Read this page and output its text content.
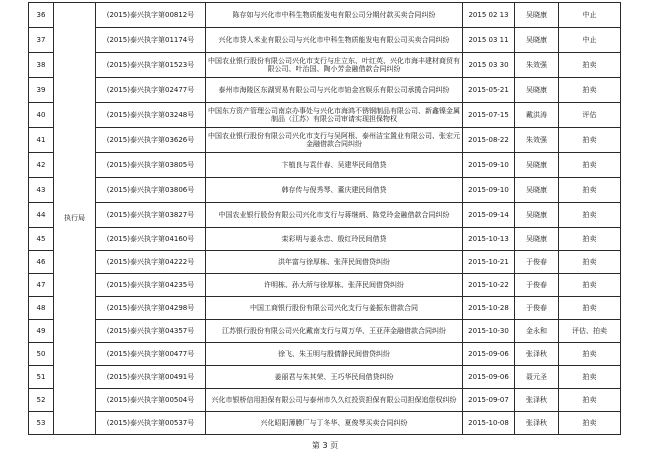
36	执行局	(2015)泰兴执字第00812号	陈存如与兴化市中科生物质能发电有限公司分期付款买卖合同纠纷	2015 02 13	吴晓康	中止
37		(2015)泰兴执字第01174号	兴化市贷人米业有限公司与兴化市中科生物质能发电有限公司买卖合同纠纷	2015 03 11	吴晓康	中止
38		(2015)泰兴执字第01523号	中国农业银行股份有限公司兴化市支行与庄立东、叶红英、兴化市海丰建材商贸有限公司、叶治国、陶小芳金融借款合同纠纷	2015 03 30	朱效强	拍卖
39		(2015)泰兴执字第02477号	泰州市海陵区东湖贸易有限公司与兴化市铂金宫娱乐有限公司承揽合同纠纷	2015-05-21	吴晓康	拍卖
40		(2015)泰兴执字第03248号	中国东方资产管理公司南京办事处与兴化市海鸿不锈钢制品有限公司、新鑫镍金属制品（江苏）有限公司审请实现担保物权	2015-07-15	戴洪涛	评估
41		(2015)泰兴执字第03626号	中国农业银行股份有限公司兴化市支行与吴阿根、泰州洁宝置业有限公司、张宏元金融借款合同纠纷	2015-08-22	朱效强	拍卖
42		(2015)泰兴执字第03805号	卞植良与袁什春、吴建华民间借贷	2015-09-10	吴晓康	拍卖
43		(2015)泰兴执字第03806号	韩存传与倪秀琴、董庆建民间借贷	2015-09-10	吴晓康	拍卖
44		(2015)泰兴执字第03827号	中国农业银行股份有限公司兴化市支行与蒋继炳、陈党玲金融借款合同纠纷	2015-09-14	吴晓康	拍卖
45		(2015)泰兴执字第04160号	栾彩明与姜永忠、殷红玲民间借贷	2015-10-13	吴晓康	拍卖
46		(2015)泰兴执字第04222号	洪年富与徐厚栋、张萍民间借贷纠纷	2015-10-21	于俊春	拍卖
47		(2015)泰兴执字第04235号	许明栋、孙大所与徐厚栋、张萍民间借贷纠纷	2015-10-22	于俊春	拍卖
48		(2015)泰兴执字第04298号	中国工商银行股份有限公司兴化支行与姜振东借款合同	2015-10-28	于俊春	拍卖
49		(2015)泰兴执字第04357号	江苏银行股份有限公司兴化戴南支行与周万华、王亚萍金融借款合同纠纷	2015-10-30	金永和	评估、拍卖
50		(2015)泰兴执字第00477号	徐飞、朱玉明与殷倩静民间借贷纠纷	2015-09-06	张泽秋	拍卖
51		(2015)泰兴执字第00491号	姜丽君与朱其荣、王巧华民间借贷纠纷	2015-09-06	聂元圣	拍卖
52		(2015)泰兴执字第00504号	兴化市银桥信用担保有限公司与泰州市久久红投资担保有限公司担保追偿权纠纷	2015-09-07	张泽秋	拍卖
53		(2015)泰兴执字第00537号	兴化昭阳薄膜厂与丁冬华、夏俊琴买卖合同纠纷	2015-10-08	张泽秋	拍卖
第 3 页
